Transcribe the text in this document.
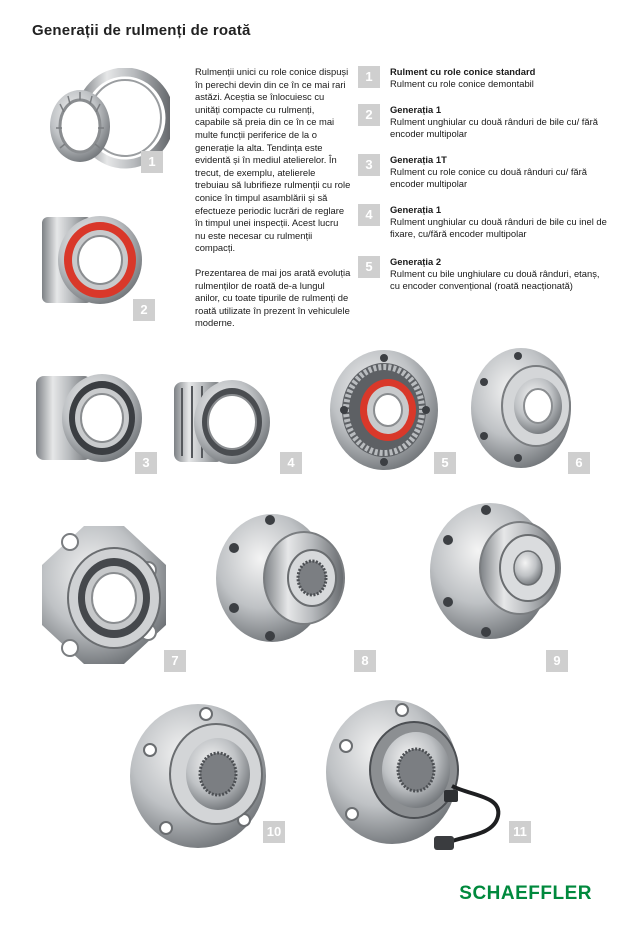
Generații de rulmenți de roată

Rulmenții unici cu role conice dispuși în perechi devin din ce în ce mai rari astăzi. Aceștia se înlocuiesc cu unități compacte cu rulmenți, capabile să preia din ce în ce mai multe funcții periferice de la o generație la alta. Tendința este evidentă și în mediul atelierelor. În trecut, de exemplu, atelierele trebuiau să lubrifieze rulmenții cu role conice în timpul asamblării și să efectueze periodic lucrări de reglare în timpul unei inspecții. Acest lucru nu este necesar cu rulmenții compacți.

Prezentarea de mai jos arată evoluția rulmenților de roată de-a lungul anilor, cu toate tipurile de rulmenți de roată utilizate în prezent în vehiculele moderne.

1	Rulment cu role conice standard
Rulment cu role conice demontabil
2	Generația 1
Rulment unghiular cu două rânduri de bile cu/ fără encoder multipolar
3	Generația 1T
Rulment cu role conice cu două rânduri cu/ fără encoder multipolar
4	Generația 1
Rulment unghiular cu două rânduri de bile cu inel de fixare, cu/fără encoder multipolar
5	Generația 2
Rulment cu bile unghiulare cu două rânduri, etanș, cu encoder convențional (roată neacționată)
1
2
3	4	5	6
7	8	9
10	11
SCHAEFFLER
